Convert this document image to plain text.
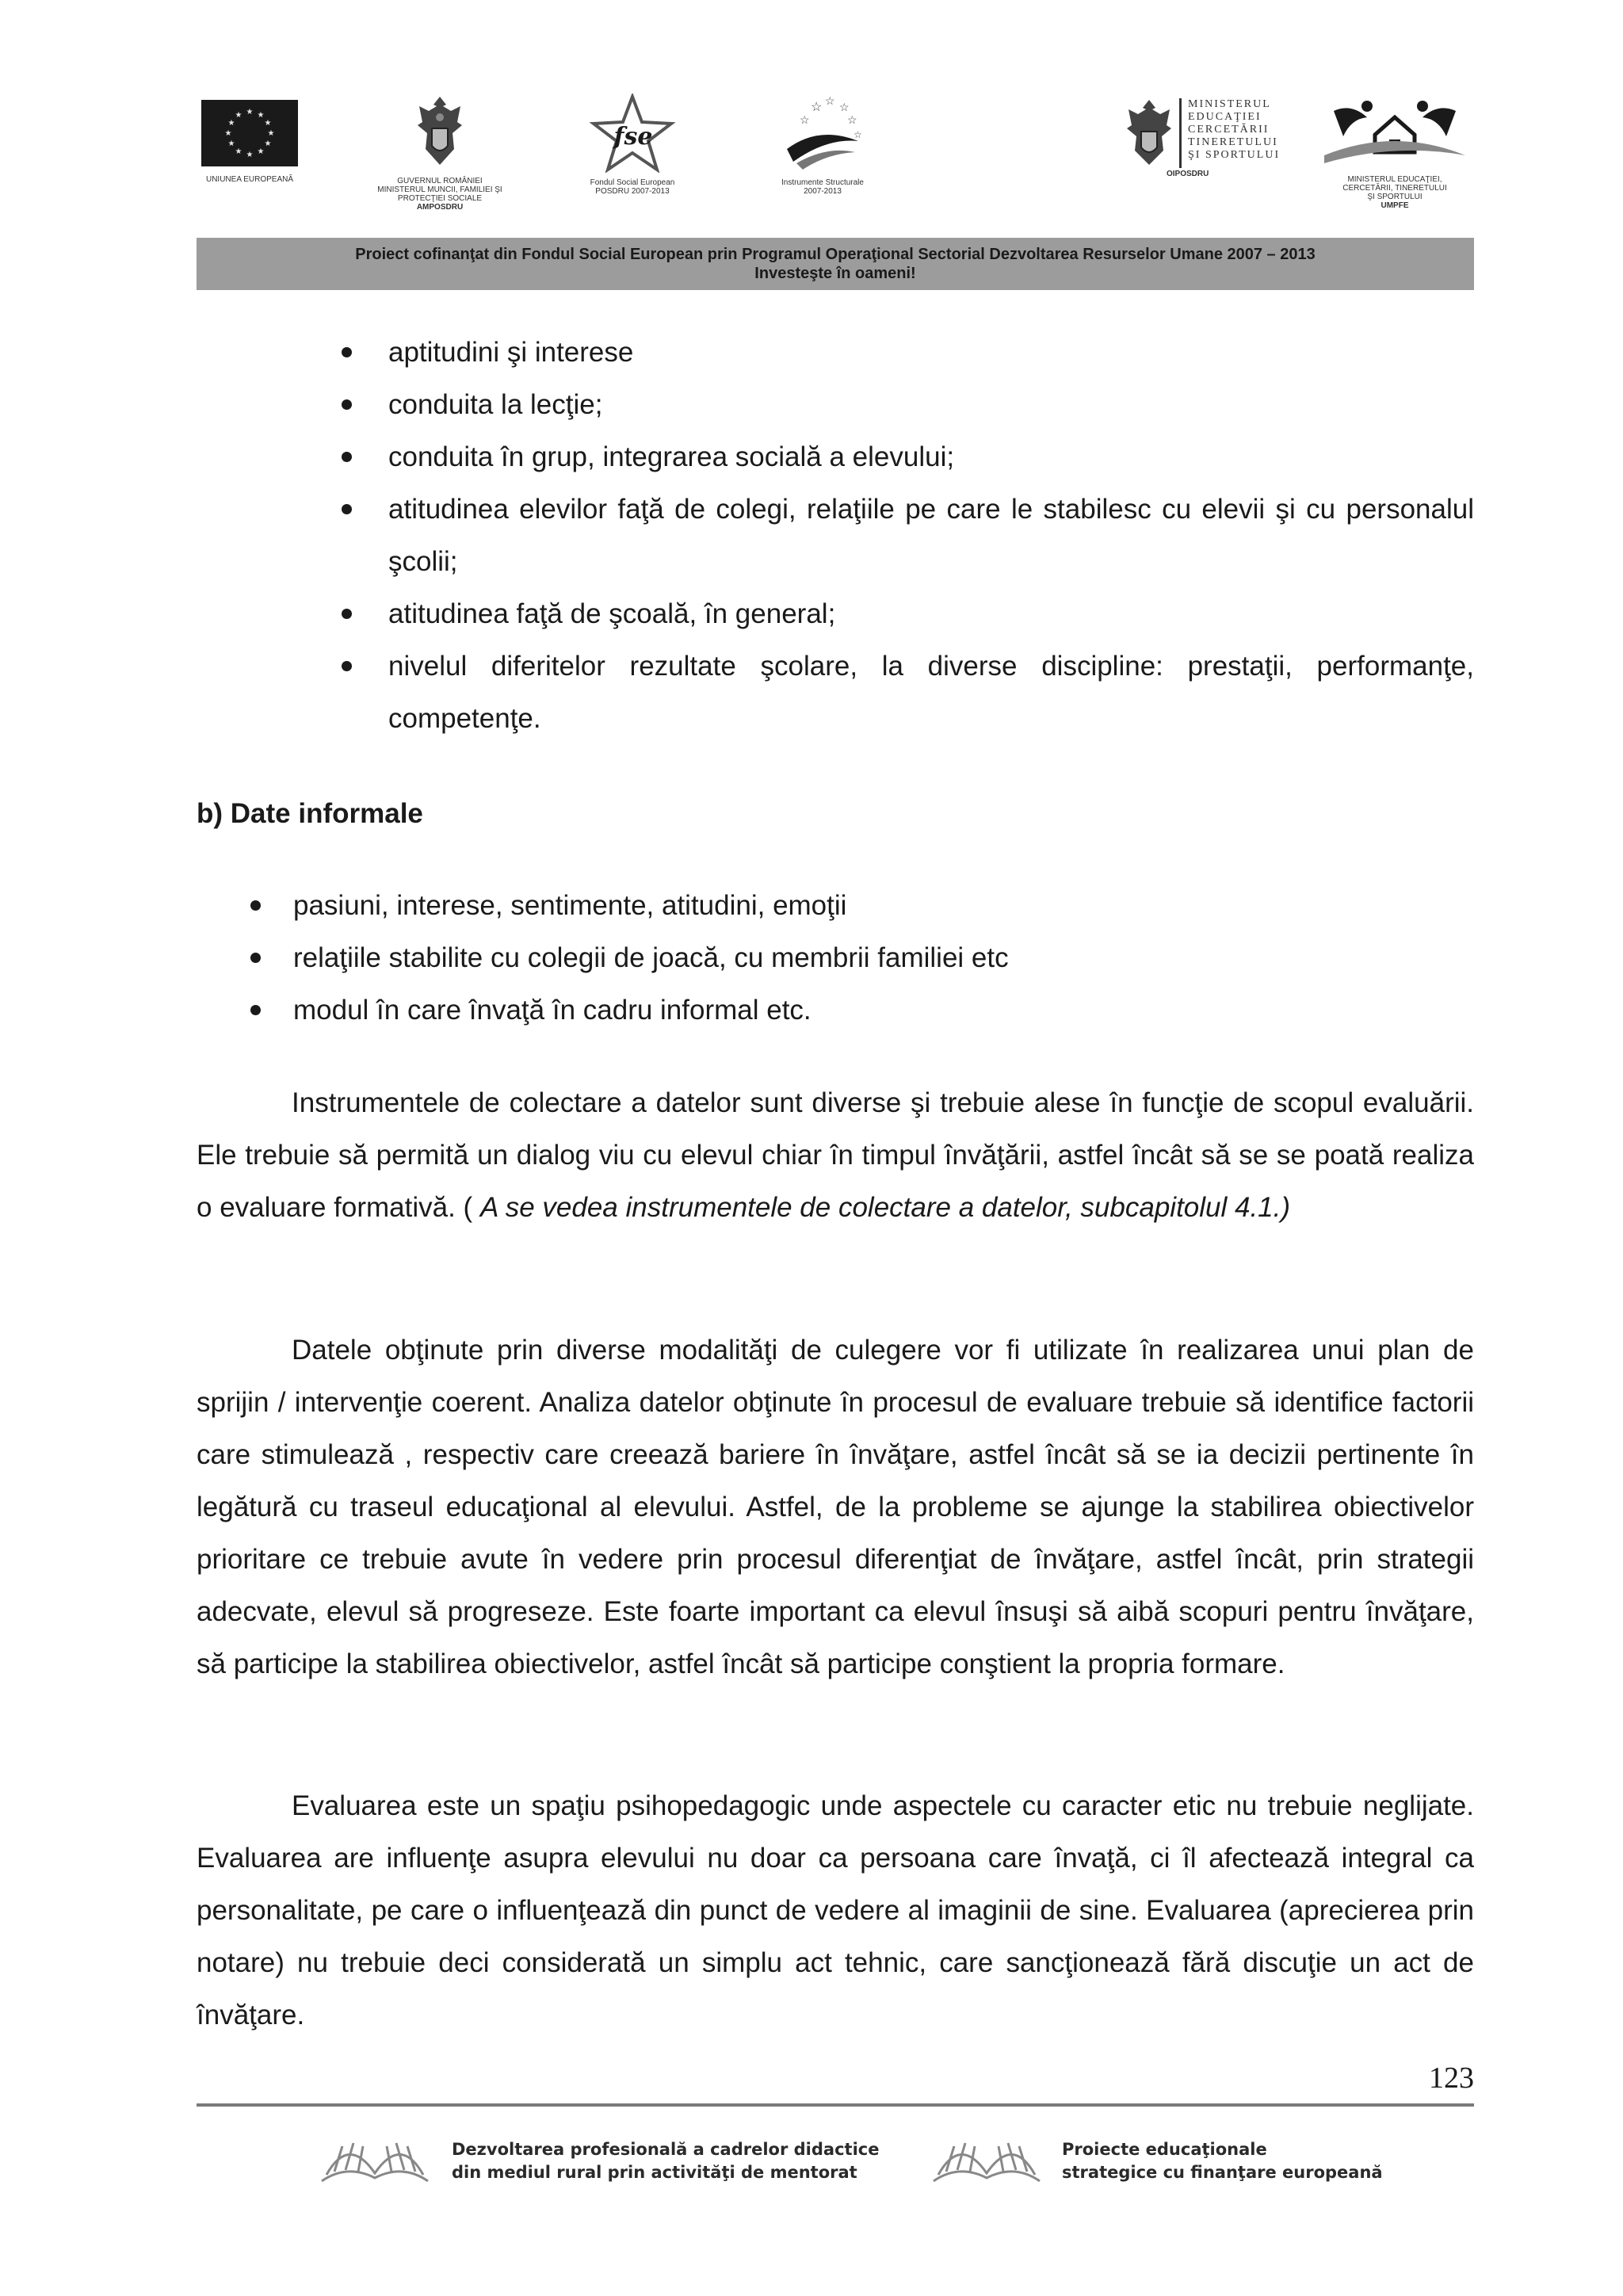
★ ★
★
★
★
★
★
★
★
★
★
★
UNIUNEA EUROPEANĂ	GUVERNUL ROMÂNIEI
MINISTERUL MUNCII, FAMILIEI ŞI
PROTECŢIEI SOCIALE
AMPOSDRU
fse
Fondul Social European
POSDRU 2007-2013
☆ ☆ ☆
☆
☆
☆
Instrumente Structurale
2007-2013
MINISTERUL
EDUCAŢIEI
CERCETĂRII
TINERETULUI
ŞI SPORTULUI
OIPOSDRU
MINISTERUL EDUCAŢIEI,
CERCETĂRII, TINERETULUI
ŞI SPORTULUI
UMPFE
Proiect cofinanţat din Fondul Social European prin Programul Operaţional Sectorial Dezvoltarea Resurselor Umane 2007 – 2013
Investeşte în oameni!
aptitudini şi interese
conduita la lecţie;
conduita în grup, integrarea socială a elevului;
atitudinea elevilor faţă de colegi, relaţiile pe care le stabilesc cu elevii şi cu personalul şcolii;
atitudinea faţă de şcoală, în general;
nivelul diferitelor rezultate şcolare, la diverse discipline: prestaţii, performanţe, competenţe.
b) Date informale
pasiuni, interese, sentimente, atitudini, emoţii
relaţiile stabilite cu colegii de joacă, cu membrii familiei etc
modul în care învaţă în cadru informal etc.

Instrumentele de colectare a datelor sunt diverse şi trebuie alese în funcţie de scopul evaluării. Ele trebuie să permită un dialog viu cu elevul chiar în timpul învăţării, astfel încât să se se poată realiza o evaluare formativă. ( A se vedea instrumentele de colectare a datelor, subcapitolul 4.1.)

Datele obţinute prin diverse modalităţi de culegere vor fi utilizate în realizarea unui plan de sprijin / intervenţie coerent. Analiza datelor obţinute în procesul de evaluare trebuie să identifice factorii care stimulează , respectiv care creează bariere în învăţare, astfel încât să se ia decizii pertinente în legătură cu traseul educaţional al elevului. Astfel, de la probleme se ajunge la stabilirea obiectivelor prioritare ce trebuie avute în vedere prin procesul diferenţiat de învăţare, astfel încât, prin strategii adecvate, elevul să progreseze. Este foarte important ca elevul însuşi să aibă scopuri pentru învăţare, să participe la stabilirea obiectivelor, astfel încât să participe conştient la propria formare.

Evaluarea este un spaţiu psihopedagogic unde aspectele cu caracter etic nu trebuie neglijate. Evaluarea are influenţe asupra elevului nu doar ca persoana care învaţă, ci îl afectează integral ca personalitate, pe care o influenţează din punct de vedere al imaginii de sine. Evaluarea (aprecierea prin notare) nu trebuie deci considerată un simplu act tehnic, care sancţionează fără discuţie un act de învăţare.

123
Dezvoltarea profesională a cadrelor didactice
din mediul rural prin activităţi de mentorat
Proiecte educaţionale
strategice cu finanţare europeană
